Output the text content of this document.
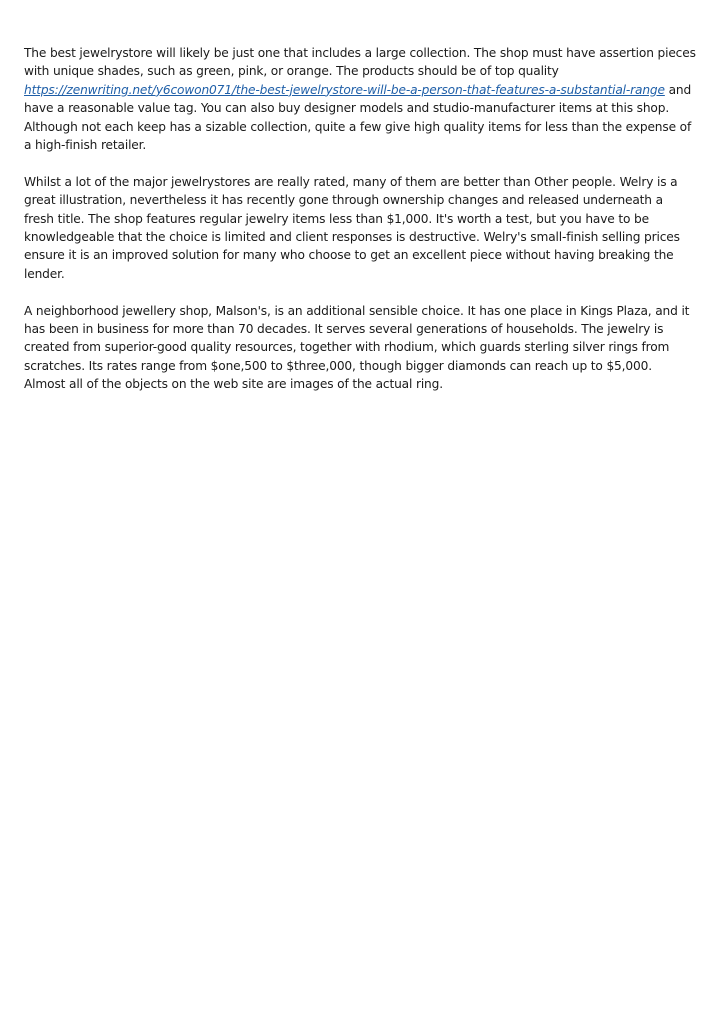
The best jewelrystore will likely be just one that includes a large collection. The shop must have assertion pieces with unique shades, such as green, pink, or orange. The products should be of top quality https://zenwriting.net/y6cowon071/the-best-jewelrystore-will-be-a-person-that-features-a-substantial-range and have a reasonable value tag. You can also buy designer models and studio-manufacturer items at this shop. Although not each keep has a sizable collection, quite a few give high quality items for less than the expense of a high-finish retailer.

Whilst a lot of the major jewelrystores are really rated, many of them are better than Other people. Welry is a great illustration, nevertheless it has recently gone through ownership changes and released underneath a fresh title. The shop features regular jewelry items less than $1,000. It's worth a test, but you have to be knowledgeable that the choice is limited and client responses is destructive. Welry's small-finish selling prices ensure it is an improved solution for many who choose to get an excellent piece without having breaking the lender.

A neighborhood jewellery shop, Malson's, is an additional sensible choice. It has one place in Kings Plaza, and it has been in business for more than 70 decades. It serves several generations of households. The jewelry is created from superior-good quality resources, together with rhodium, which guards sterling silver rings from scratches. Its rates range from $one,500 to $three,000, though bigger diamonds can reach up to $5,000. Almost all of the objects on the web site are images of the actual ring.
